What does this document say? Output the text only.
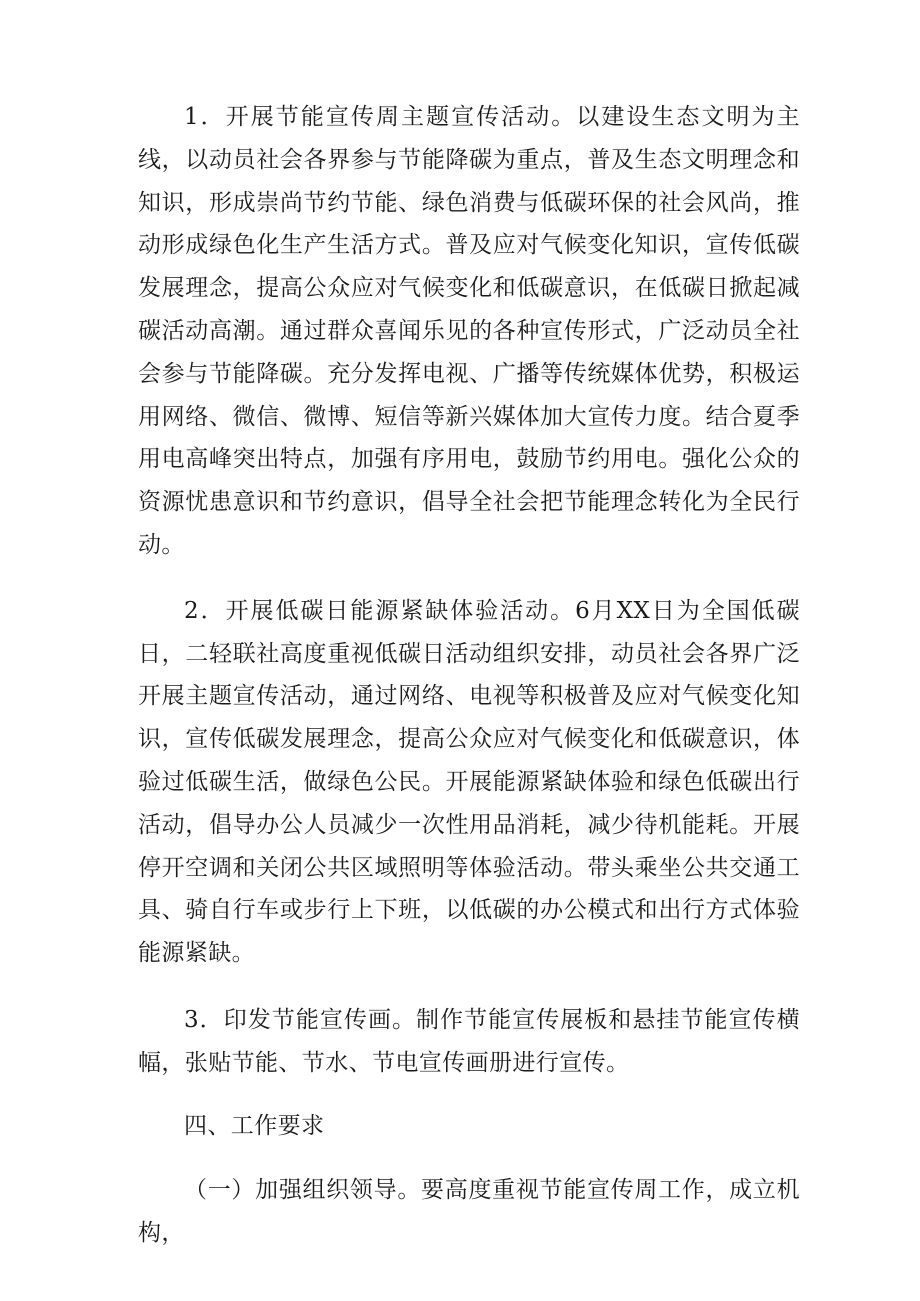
1．开展节能宣传周主题宣传活动。以建设生态文明为主线，以动员社会各界参与节能降碳为重点，普及生态文明理念和知识，形成崇尚节约节能、绿色消费与低碳环保的社会风尚，推动形成绿色化生产生活方式。普及应对气候变化知识，宣传低碳发展理念，提高公众应对气候变化和低碳意识，在低碳日掀起减碳活动高潮。通过群众喜闻乐见的各种宣传形式，广泛动员全社会参与节能降碳。充分发挥电视、广播等传统媒体优势，积极运用网络、微信、微博、短信等新兴媒体加大宣传力度。结合夏季用电高峰突出特点，加强有序用电，鼓励节约用电。强化公众的资源忧患意识和节约意识，倡导全社会把节能理念转化为全民行动。

2．开展低碳日能源紧缺体验活动。6月XX日为全国低碳日，二轻联社高度重视低碳日活动组织安排，动员社会各界广泛开展主题宣传活动，通过网络、电视等积极普及应对气候变化知识，宣传低碳发展理念，提高公众应对气候变化和低碳意识，体验过低碳生活，做绿色公民。开展能源紧缺体验和绿色低碳出行活动，倡导办公人员减少一次性用品消耗，减少待机能耗。开展停开空调和关闭公共区域照明等体验活动。带头乘坐公共交通工具、骑自行车或步行上下班，以低碳的办公模式和出行方式体验能源紧缺。

3．印发节能宣传画。制作节能宣传展板和悬挂节能宣传横幅，张贴节能、节水、节电宣传画册进行宣传。

四、工作要求

（一）加强组织领导。要高度重视节能宣传周工作，成立机构，
